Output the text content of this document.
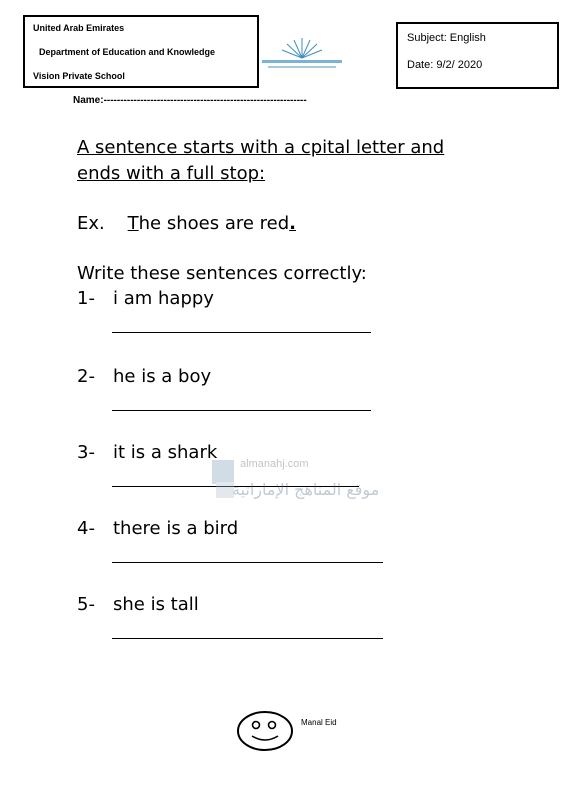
United Arab Emirates
Department of Education and Knowledge
Vision Private School
Subject: English
Date: 9/2/ 2020
Name:-------------------------------------------------------------
A sentence starts with a cpital letter and ends with a full stop:
Ex. The shoes are red.
Write these sentences correctly:
1- i am happy
2- he is a boy
3- it is a shark
4- there is a bird
5- she is tall
almanahj.com
موقع المناهج الإماراتية
Manal Eid
